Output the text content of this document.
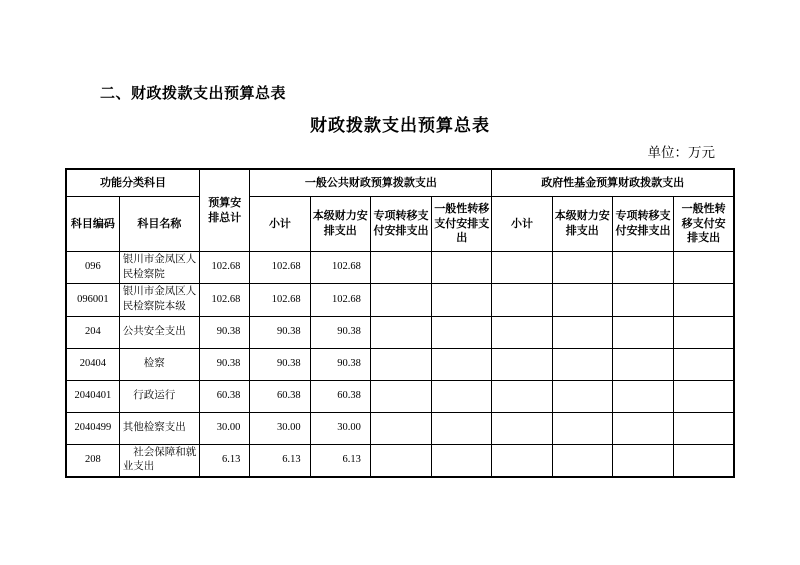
二、财政拨款支出预算总表
财政拨款支出预算总表
单位：万元
功能分类科目		预算安排总计	一般公共财政预算拨款支出				政府性基金预算财政拨款支出			
科目编码	科目名称		小计	本级财力安排支出	专项转移支付安排支出	一般性转移支付安排支出	小计	本级财力安排支出	专项转移支付安排支出	一般性转移支付安排支出
096	银川市金凤区人民检察院	102.68	102.68	102.68						
096001	银川市金凤区人民检察院本级	102.68	102.68	102.68						
204	公共安全支出	90.38	90.38	90.38						
20404	　　检察	90.38	90.38	90.38						
2040401	　行政运行	60.38	60.38	60.38						
2040499	其他检察支出	30.00	30.00	30.00						
208	　社会保障和就业支出	6.13	6.13	6.13						
